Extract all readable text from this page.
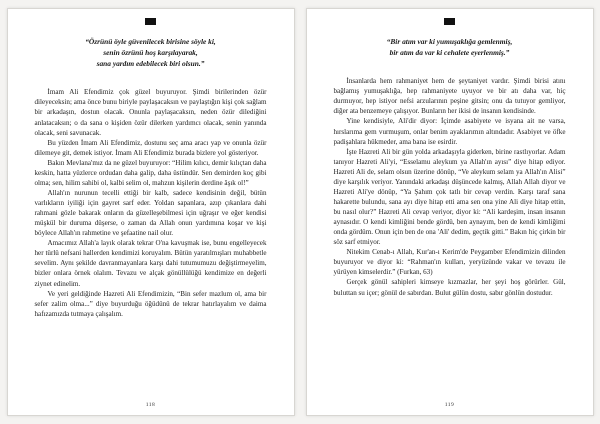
“Özrünü öyle güvenilecek birisine söyle ki,
senin özrünü hoş karşılayarak,
sana yardım edebilecek biri olsun.”

İmam Ali Efendimiz çok güzel buyuruyor. Şimdi birilerinden özür dileyeceksin; ama önce bunu biriyle paylaşacaksın ve paylaştığın kişi çok sağlam bir arkadaşın, dostun olacak. Onunla paylaşacaksın, neden özür dilediğini anlatacaksın; o da sana o kişiden özür dilerken yardımcı olacak, senin yanında olacak, seni savunacak.

Bu yüzden İmam Ali Efendimiz, dostunu seç ama aracı yap ve onunla özür dilemeye git, demek istiyor. İmam Ali Efendimiz burada bizlere yol gösteriyor.

Bakın Mevlana'mız da ne güzel buyuruyor: “Hilim kılıcı, demir kılıçtan daha keskin, hatta yüzlerce ordudan daha galip, daha üstündür. Sen demirden koç gibi olma; sen, hilim sahibi ol, kalbi selim ol, mahzun kişilerin derdine âşık ol!”

Allah'ın nurunun tecelli ettiği bir kalb, sadece kendisinin değil, bütün varlıkların iyiliği için gayret sarf eder. Yoldan sapanlara, azıp çıkanlara dahi rahmani gözle bakarak onların da güzelleşebilmesi için uğraşır ve eğer kendisi müşkül bir duruma düşerse, o zaman da Allah onun yardımına koşar ve kişi böylece Allah'ın rahmetine ve şefaatine nail olur.

Amacımız Allah'a layık olarak tekrar O'na kavuşmak ise, bunu engelleyecek her türlü nefsani hallerden kendimizi koruyalım. Bütün yaratılmışları muhabbetle sevelim. Aynı şekilde davranmayanlara karşı dahi tutumumuzu değiştirmeyelim, bizler onlara örnek olalım. Tevazu ve alçak gönüllülüğü kendimize en değerli ziynet edinelim.

Ve yeri geldiğinde Hazreti Ali Efendimizin, “Bin sefer mazlum ol, ama bir sefer zalim olma...” diye buyurduğu öğüdünü de tekrar hatırlayalım ve daima hafızamızda tutmaya çalışalım.

118
“Bir atım var ki yumuşaklığa gemlenmiş,
bir atım da var ki cehalete eyerlenmiş.”

İnsanlarda hem rahmaniyet hem de şeytaniyet vardır. Şimdi birisi atını bağlamış yumuşaklığa, hep rahmaniyete uyuyor ve bir atı daha var, hiç durmuyor, hep istiyor nefsi arzularının peşine gitsin; onu da tutuyor gemliyor, diğer ata benzemeye çalışıyor. Bunların her ikisi de insanın kendisinde.

Yine kendisiyle, Ali'dir diyor: İçimde asabiyete ve isyana ait ne varsa, hırslarıma gem vurmuşum, onlar benim ayaklarımın altındadır. Asabiyet ve öfke padişahlara hükmeder, ama bana ise esirdir.

İşte Hazreti Ali bir gün yolda arkadaşıyla giderken, birine rastlıyorlar. Adam tanıyor Hazreti Ali'yi, “Esselamu aleykum ya Allah'ın ayısı” diye hitap ediyor. Hazreti Ali de, selam olsun üzerine dönüp, “Ve aleykum selam ya Allah'ın Alisi” diye karşılık veriyor. Yanındaki arkadaşı düşüncede kalmış, Allah Allah diyor ve Hazreti Ali'ye dönüp, “Ya Şahım çok tatlı bir cevap verdin. Karşı taraf sana hakarette bulundu, sana ayı diye hitap etti ama sen ona yine Ali diye hitap ettin, bu nasıl olur?” Hazreti Ali cevap veriyor, diyor ki: “Ali kardeşim, insan insanın aynasıdır. O kendi kimliğini bende gördü, ben aynayım, ben de kendi kimliğimi onda gördüm. Onun için ben de ona 'Ali' dedim, geçtik gitti.” Bakın hiç çirkin bir söz sarf etmiyor.

Nitekim Cenab-ı Allah, Kur'an-ı Kerim'de Peygamber Efendimizin dilinden buyuruyor ve diyor ki: “Rahman'ın kulları, yeryüzünde vakar ve tevazu ile yürüyen kimselerdir.” (Furkan, 63)

Gerçek gönül sahipleri kimseye kızmazlar, her şeyi hoş görürler. Gül, buluttan su içer; gönül de sabırdan. Bulut gülün dostu, sabır gönlün dostudur.

119
